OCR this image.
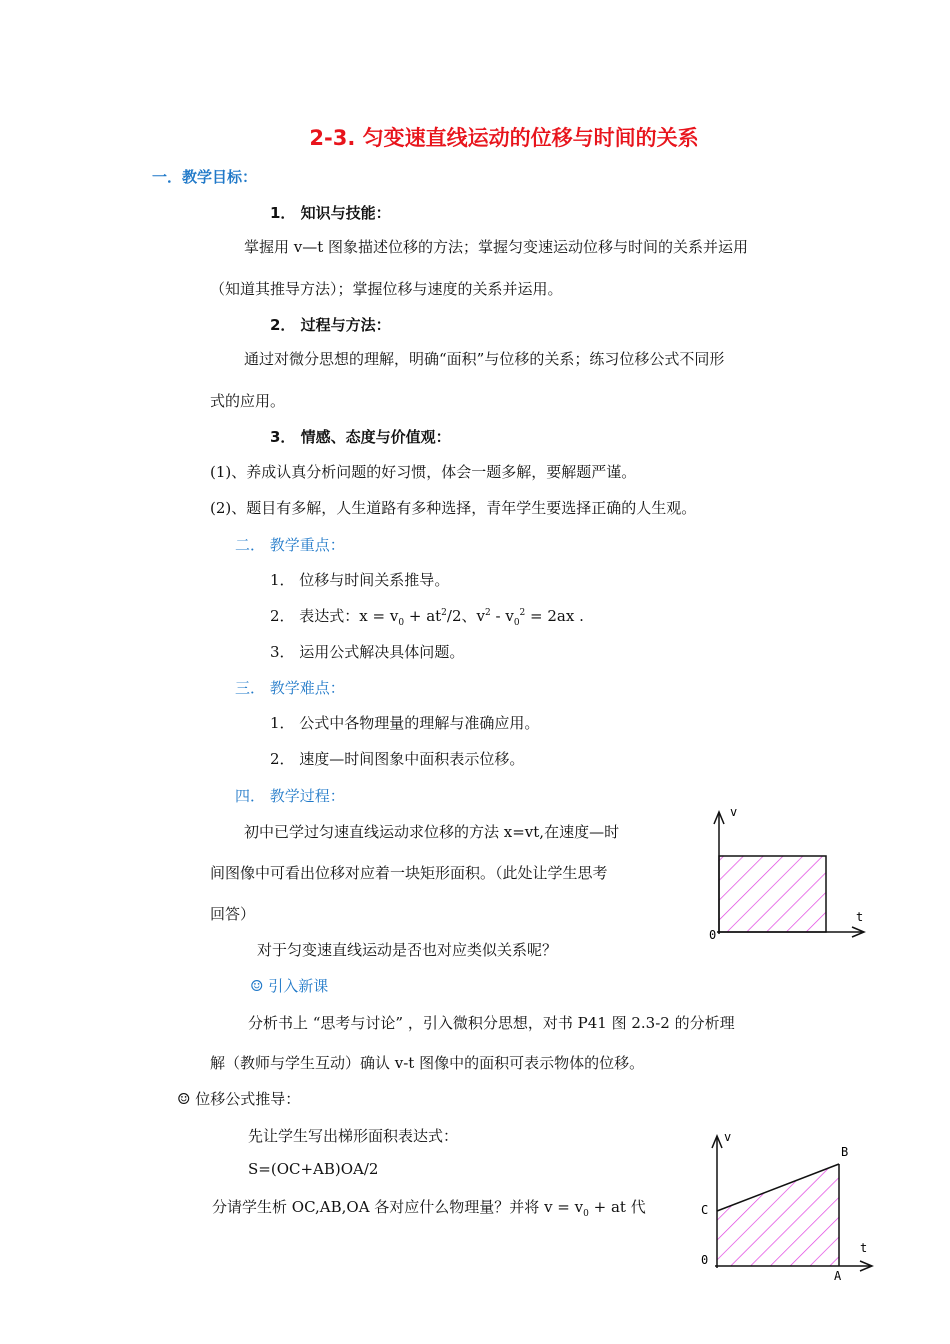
2-3. 匀变速直线运动的位移与时间的关系
一．教学目标：
1． 知识与技能：
掌握用 v—t 图象描述位移的方法；掌握匀变速运动位移与时间的关系并运用
（知道其推导方法）；掌握位移与速度的关系并运用。
2． 过程与方法：
通过对微分思想的理解，明确“面积”与位移的关系；练习位移公式不同形
式的应用。
3． 情感、态度与价值观：
(1)、养成认真分析问题的好习惯，体会一题多解，要解题严谨。
(2)、题目有多解，人生道路有多种选择，青年学生要选择正确的人生观。
二． 教学重点：
1． 位移与时间关系推导。
2． 表达式：$x = v_0 + at^2/2$、$v^2 - v_0^2 = 2ax$ .
3． 运用公式解决具体问题。
三． 教学难点：
1． 公式中各物理量的理解与准确应用。
2． 速度—时间图象中面积表示位移。
四． 教学过程：
初中已学过匀速直线运动求位移的方法 x=vt,在速度—时
间图像中可看出位移对应着一块矩形面积。（此处让学生思考
回答）
对于匀变速直线运动是否也对应类似关系呢？
☺ 引入新课
分析书上 “思考与讨论” ，引入微积分思想，对书 P41 图 2.3-2 的分析理
解（教师与学生互动）确认 v-t 图像中的面积可表示物体的位移。
☺ 位移公式推导：
先让学生写出梯形面积表达式：
S=(OC+AB)OA/2
分请学生析 OC,AB,OA 各对应什么物理量？并将 $v = v_0$ + at 代
v
t
0
v
t
0
C
B
A
